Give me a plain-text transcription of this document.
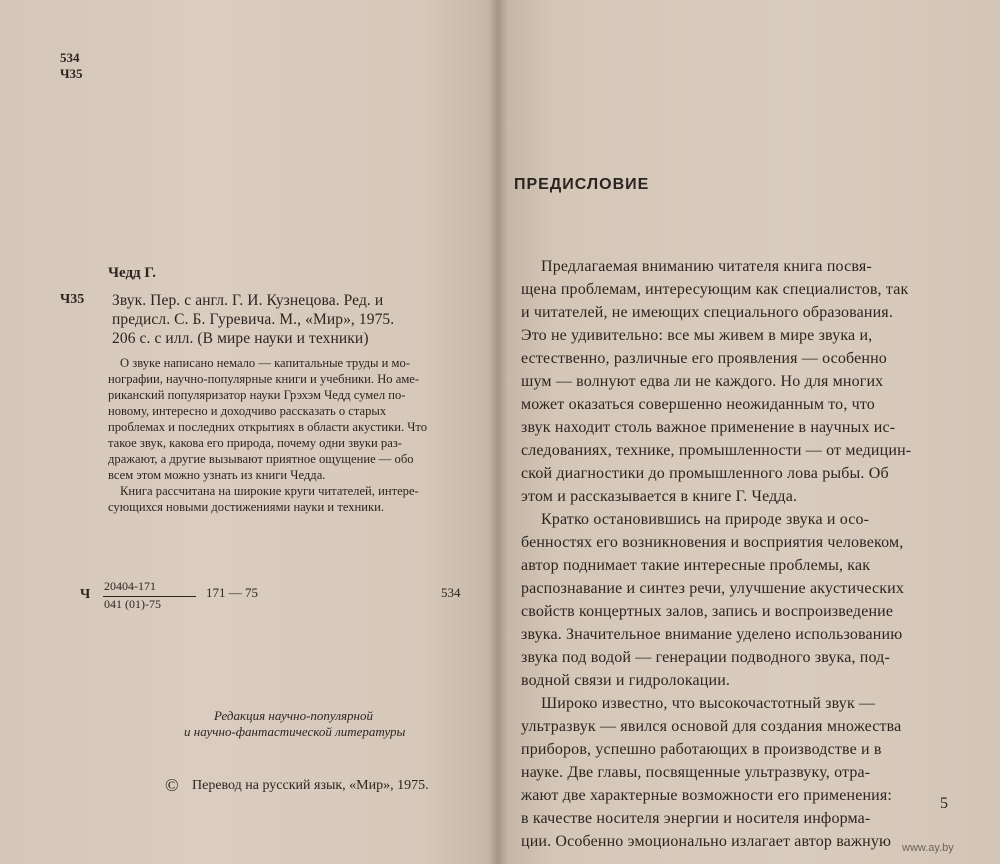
534
Ч35
Чедд Г.
Ч35 Звук. Пер. с англ. Г. И. Кузнецова. Ред. и
предисл. С. Б. Гуревича. М., «Мир», 1975.
206 с. с илл. (В мире науки и техники)
О звуке написано немало — капитальные труды и мо-
нографии, научно-популярные книги и учебники. Но аме-
риканский популяризатор науки Грэхэм Чедд сумел по-
новому, интересно и доходчиво рассказать о старых
проблемах и последних открытиях в области акустики. Что
такое звук, какова его природа, почему одни звуки раз-
дражают, а другие вызывают приятное ощущение — обо
всем этом можно узнать из книги Чедда.
Книга рассчитана на широкие круги читателей, интере-
сующихся новыми достижениями науки и техники.
Ч
20404-171
041 (01)-75
171 — 75	534
Редакция научно-популярной
и научно-фантастической литературы
© Перевод на русский язык, «Мир», 1975.
ПРЕДИСЛОВИЕ
Предлагаемая вниманию читателя книга посвя-
щена проблемам, интересующим как специалистов, так
и читателей, не имеющих специального образования.
Это не удивительно: все мы живем в мире звука и,
естественно, различные его проявления — особенно
шум — волнуют едва ли не каждого. Но для многих
может оказаться совершенно неожиданным то, что
звук находит столь важное применение в научных ис-
следованиях, технике, промышленности — от медицин-
ской диагностики до промышленного лова рыбы. Об
этом и рассказывается в книге Г. Чедда.
Кратко остановившись на природе звука и осо-
бенностях его возникновения и восприятия человеком,
автор поднимает такие интересные проблемы, как
распознавание и синтез речи, улучшение акустических
свойств концертных залов, запись и воспроизведение
звука. Значительное внимание уделено использованию
звука под водой — генерации подводного звука, под-
водной связи и гидролокации.
Широко известно, что высокочастотный звук —
ультразвук — явился основой для создания множества
приборов, успешно работающих в производстве и в
науке. Две главы, посвященные ультразвуку, отра-
жают две характерные возможности его применения:
в качестве носителя энергии и носителя информа-
ции. Особенно эмоционально излагает автор важную
5
www.ay.by
